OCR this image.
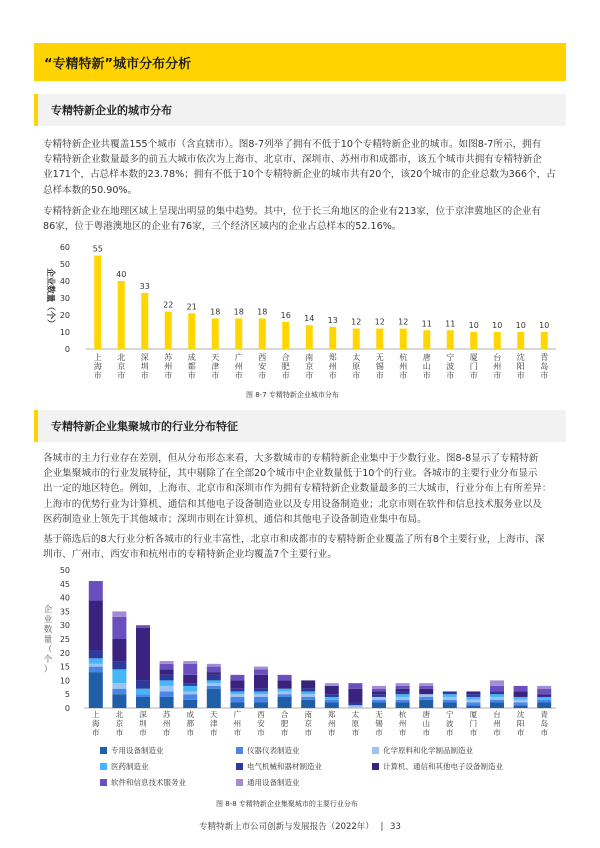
“专精特新”城市分布分析
专精特新企业的城市分布
专精特新企业共覆盖155个城市（含直辖市）。图8-7列举了拥有不低于10个专精特新企业的城市。如图8-7所示，拥有
专精特新企业数量最多的前五大城市依次为上海市、北京市、深圳市、苏州市和成都市，该五个城市共拥有专精特新企
业171个，占总样本数的23.78%；拥有不低于10个专精特新企业的城市共有20个，该20个城市的企业总数为366个，占
总样本数的50.90%。
专精特新企业在地理区域上呈现出明显的集中趋势。其中，位于长三角地区的企业有213家，位于京津冀地区的企业有
86家，位于粤港澳地区的企业有76家，三个经济区域内的企业占总样本的52.16%。
企业数量（个）
0
10
20
30
40
50
60	55
上
海
市
40
北
京
市
33
深
圳
市
22
苏
州
市
21
成
都
市
18
天
津
市
18
广
州
市
18
西
安
市
16
合
肥
市
14
南
京
市
13
郑
州
市
12
太
原
市
12
无
锡
市
12
杭
州
市
11
唐
山
市
11
宁
波
市
10
厦
门
市
10
台
州
市
10
沈
阳
市
10
青
岛
市
图 8-7 专精特新企业城市分布
专精特新企业集聚城市的行业分布特征
各城市的主力行业存在差别，但从分布形态来看，大多数城市的专精特新企业集中于少数行业。图8-8显示了专精特新
企业集聚城市的行业发展特征，其中剔除了在全部20个城市中企业数量低于10个的行业。各城市的主要行业分布显示
出一定的地区特色。例如，上海市、北京市和深圳市作为拥有专精特新企业数量最多的三大城市，行业分布上有所差异：
上海市的优势行业为计算机、通信和其他电子设备制造业以及专用设备制造业；北京市则在软件和信息技术服务业以及
医药制造业上领先于其他城市；深圳市则在计算机、通信和其他电子设备制造业集中布局。
基于筛选后的8大行业分析各城市的行业丰富性，北京市和成都市的专精特新企业覆盖了所有8个主要行业，上海市、深
圳市、广州市、西安市和杭州市的专精特新企业均覆盖7个主要行业。
企
业
数
量
（
个
）
0
5
10
15
20
25
30
35
40
45
50
上
海
市
北
京
市
深
圳
市
苏
州
市
成
都
市
天
津
市
广
州
市
西
安
市
合
肥
市
南
京
市
郑
州
市
太
原
市
无
锡
市
杭
州
市
唐
山
市
宁
波
市
厦
门
市
台
州
市
沈
阳
市
青
岛
市
专用设备制造业	仪器仪表制造业	化学原料和化学制品制造业
医药制造业	电气机械和器材制造业	计算机、通信和其他电子设备制造业
软件和信息技术服务业	通用设备制造业
图 8-8 专精特新企业集聚城市的主要行业分布
专精特新上市公司创新与发展报告（2022年） | 33
